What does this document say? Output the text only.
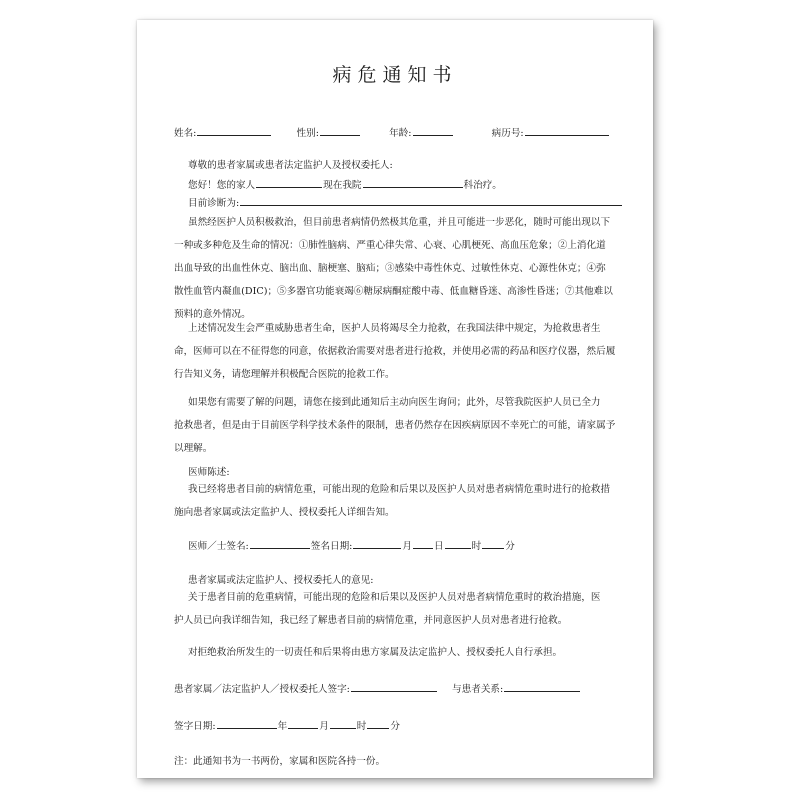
病危通知书
姓名:	性别:	年龄:	病历号:
尊敬的患者家属或患者法定监护人及授权委托人:
您好！您的家人	现在我院	科治疗。
目前诊断为:
虽然经医护人员积极救治，但目前患者病情仍然极其危重，并且可能进一步恶化，随时可能出现以下
一种或多种危及生命的情况：①肺性脑病、严重心律失常、心衰、心肌梗死、高血压危象；②上消化道
出血导致的出血性休克、脑出血、脑梗塞、脑疝；③感染中毒性休克、过敏性休克、心源性休克；④弥
散性血管内凝血(DIC)；⑤多器官功能衰竭⑥糖尿病酮症酸中毒、低血糖昏迷、高渗性昏迷；⑦其他难以
预料的意外情况。
上述情况发生会严重威胁患者生命，医护人员将竭尽全力抢救，在我国法律中规定，为抢救患者生
命，医师可以在不征得您的同意，依据救治需要对患者进行抢救，并使用必需的药品和医疗仪器，然后履
行告知义务，请您理解并积极配合医院的抢救工作。
如果您有需要了解的问题，请您在接到此通知后主动向医生询问；此外，尽管我院医护人员已全力
抢救患者，但是由于目前医学科学技术条件的限制，患者仍然存在因疾病原因不幸死亡的可能，请家属予
以理解。
医师陈述:
我已经将患者目前的病情危重，可能出现的危险和后果以及医护人员对患者病情危重时进行的抢救措
施向患者家属或法定监护人、授权委托人详细告知。
医师／士签名:	签名日期:	月 日	时	分
患者家属或法定监护人、授权委托人的意见:
关于患者目前的危重病情，可能出现的危险和后果以及医护人员对患者病情危重时的救治措施，医
护人员已向我详细告知，我已经了解患者目前的病情危重，并同意医护人员对患者进行抢救。
对拒绝救治所发生的一切责任和后果将由患方家属及法定监护人、授权委托人自行承担。
患者家属／法定监护人／授权委托人签字:	与患者关系:
签字日期:	年	月	时	分
注：此通知书为一书两份，家属和医院各持一份。
